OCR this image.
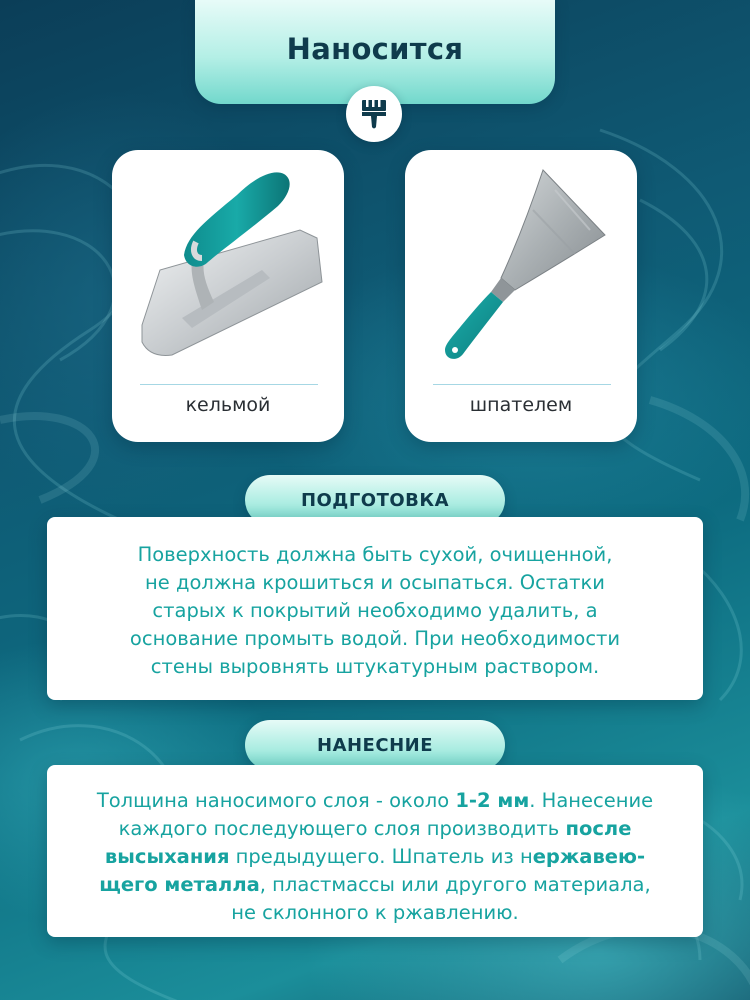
Наносится
кельмой	шпателем
ПОДГОТОВКА
Поверхность должна быть сухой, очищенной,
не должна крошиться и осыпаться. Остатки
старых к покрытий необходимо удалить, а
основание промыть водой. При необходимости
стены выровнять штукатурным раствором.
НАНЕСНИЕ
Толщина наносимого слоя - около 1-2 мм. Нанесение
каждого последующего слоя производить после
высыхания предыдущего. Шпатель из нержавею-
щего металла, пластмассы или другого материала,
не склонного к ржавлению.
